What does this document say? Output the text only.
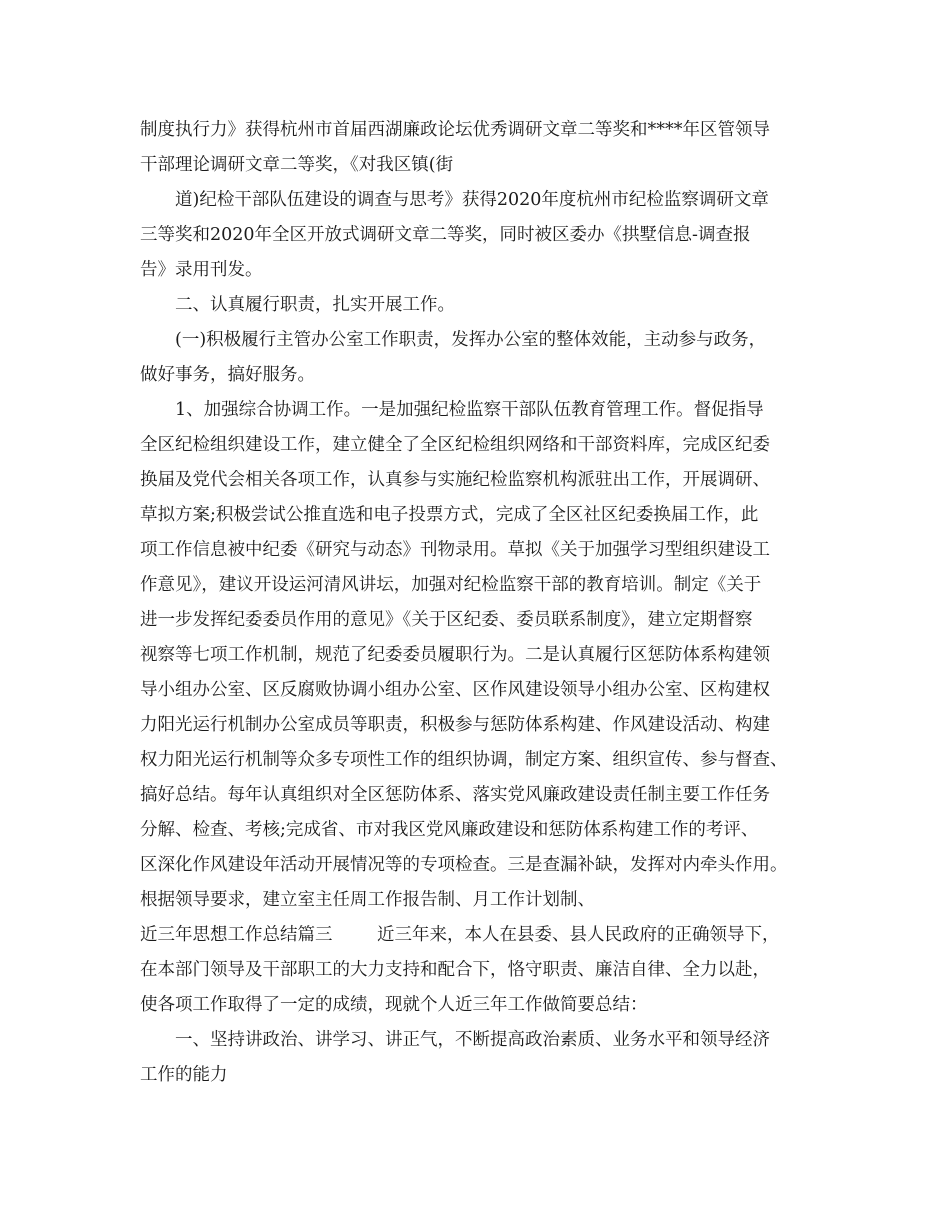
制度执行力》获得杭州市首届西湖廉政论坛优秀调研文章二等奖和****年区管领导
干部理论调研文章二等奖，《对我区镇(街
道)纪检干部队伍建设的调查与思考》获得2020年度杭州市纪检监察调研文章
三等奖和2020年全区开放式调研文章二等奖，同时被区委办《拱墅信息-调查报
告》录用刊发。
二、认真履行职责，扎实开展工作。
(一)积极履行主管办公室工作职责，发挥办公室的整体效能，主动参与政务，
做好事务，搞好服务。
1、加强综合协调工作。一是加强纪检监察干部队伍教育管理工作。督促指导
全区纪检组织建设工作，建立健全了全区纪检组织网络和干部资料库，完成区纪委
换届及党代会相关各项工作，认真参与实施纪检监察机构派驻出工作，开展调研、
草拟方案;积极尝试公推直选和电子投票方式，完成了全区社区纪委换届工作，此
项工作信息被中纪委《研究与动态》刊物录用。草拟《关于加强学习型组织建设工
作意见》，建议开设运河清风讲坛，加强对纪检监察干部的教育培训。制定《关于
进一步发挥纪委委员作用的意见》《关于区纪委、委员联系制度》，建立定期督察
视察等七项工作机制，规范了纪委委员履职行为。二是认真履行区惩防体系构建领
导小组办公室、区反腐败协调小组办公室、区作风建设领导小组办公室、区构建权
力阳光运行机制办公室成员等职责，积极参与惩防体系构建、作风建设活动、构建
权力阳光运行机制等众多专项性工作的组织协调，制定方案、组织宣传、参与督查、
搞好总结。每年认真组织对全区惩防体系、落实党风廉政建设责任制主要工作任务
分解、检查、考核;完成省、市对我区党风廉政建设和惩防体系构建工作的考评、
区深化作风建设年活动开展情况等的专项检查。三是查漏补缺，发挥对内牵头作用。
根据领导要求，建立室主任周工作报告制、月工作计划制、
近三年思想工作总结篇三        近三年来，本人在县委、县人民政府的正确领导下，
在本部门领导及干部职工的大力支持和配合下，恪守职责、廉洁自律、全力以赴，
使各项工作取得了一定的成绩，现就个人近三年工作做简要总结：
一、坚持讲政治、讲学习、讲正气，不断提高政治素质、业务水平和领导经济
工作的能力
